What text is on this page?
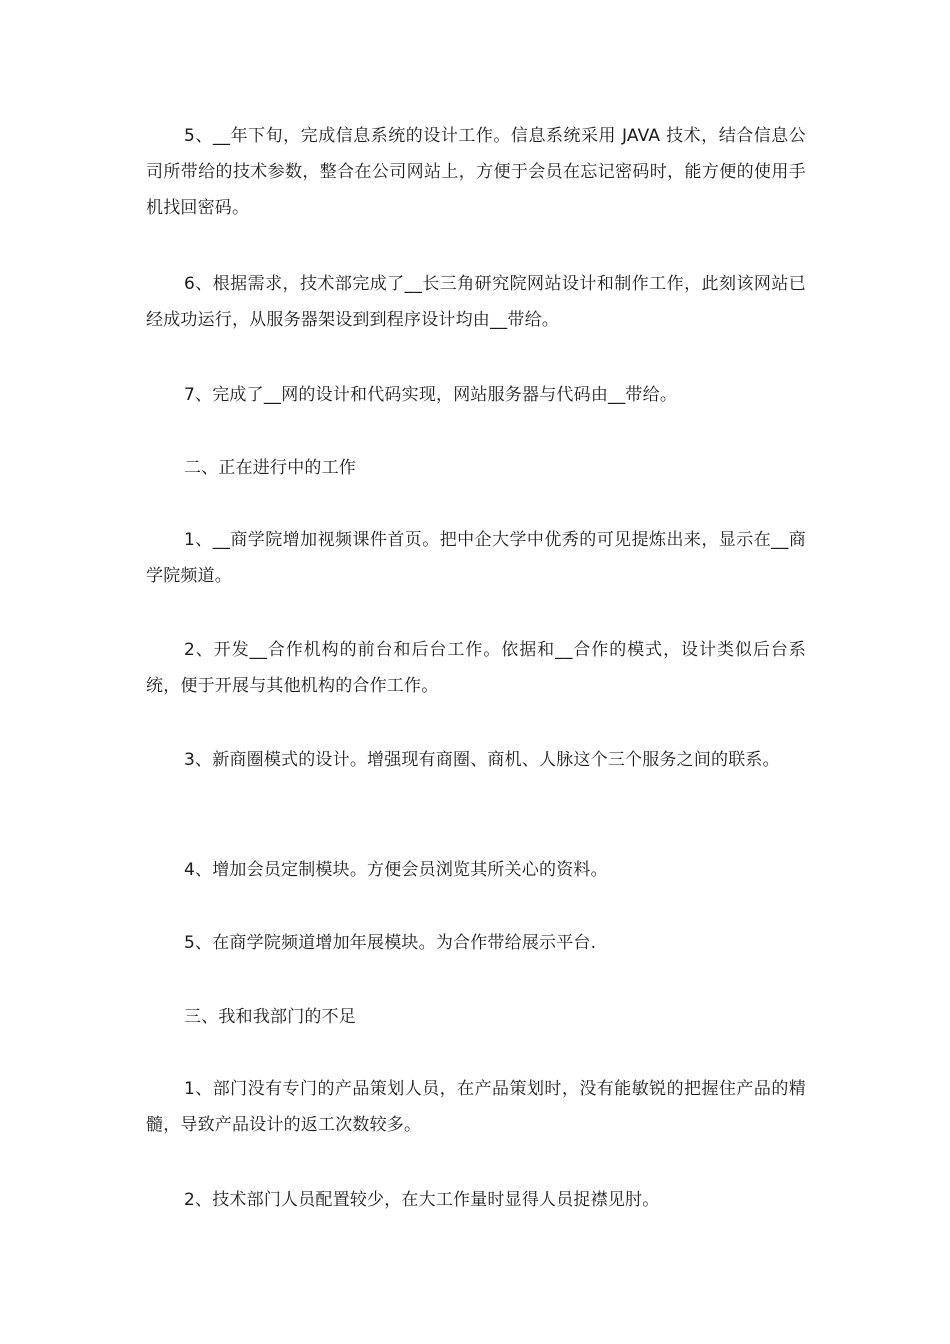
5、__年下旬，完成信息系统的设计工作。信息系统采用 JAVA 技术，结合信息公司所带给的技术参数，整合在公司网站上，方便于会员在忘记密码时，能方便的使用手机找回密码。

6、根据需求，技术部完成了__长三角研究院网站设计和制作工作，此刻该网站已经成功运行，从服务器架设到到程序设计均由__带给。

7、完成了__网的设计和代码实现，网站服务器与代码由__带给。

二、正在进行中的工作

1、__商学院增加视频课件首页。把中企大学中优秀的可见提炼出来，显示在__商学院频道。

2、开发__合作机构的前台和后台工作。依据和__合作的模式，设计类似后台系统，便于开展与其他机构的合作工作。

3、新商圈模式的设计。增强现有商圈、商机、人脉这个三个服务之间的联系。

4、增加会员定制模块。方便会员浏览其所关心的资料。

5、在商学院频道增加年展模块。为合作带给展示平台.

三、我和我部门的不足

1、部门没有专门的产品策划人员，在产品策划时，没有能敏锐的把握住产品的精髓，导致产品设计的返工次数较多。

2、技术部门人员配置较少，在大工作量时显得人员捉襟见肘。
